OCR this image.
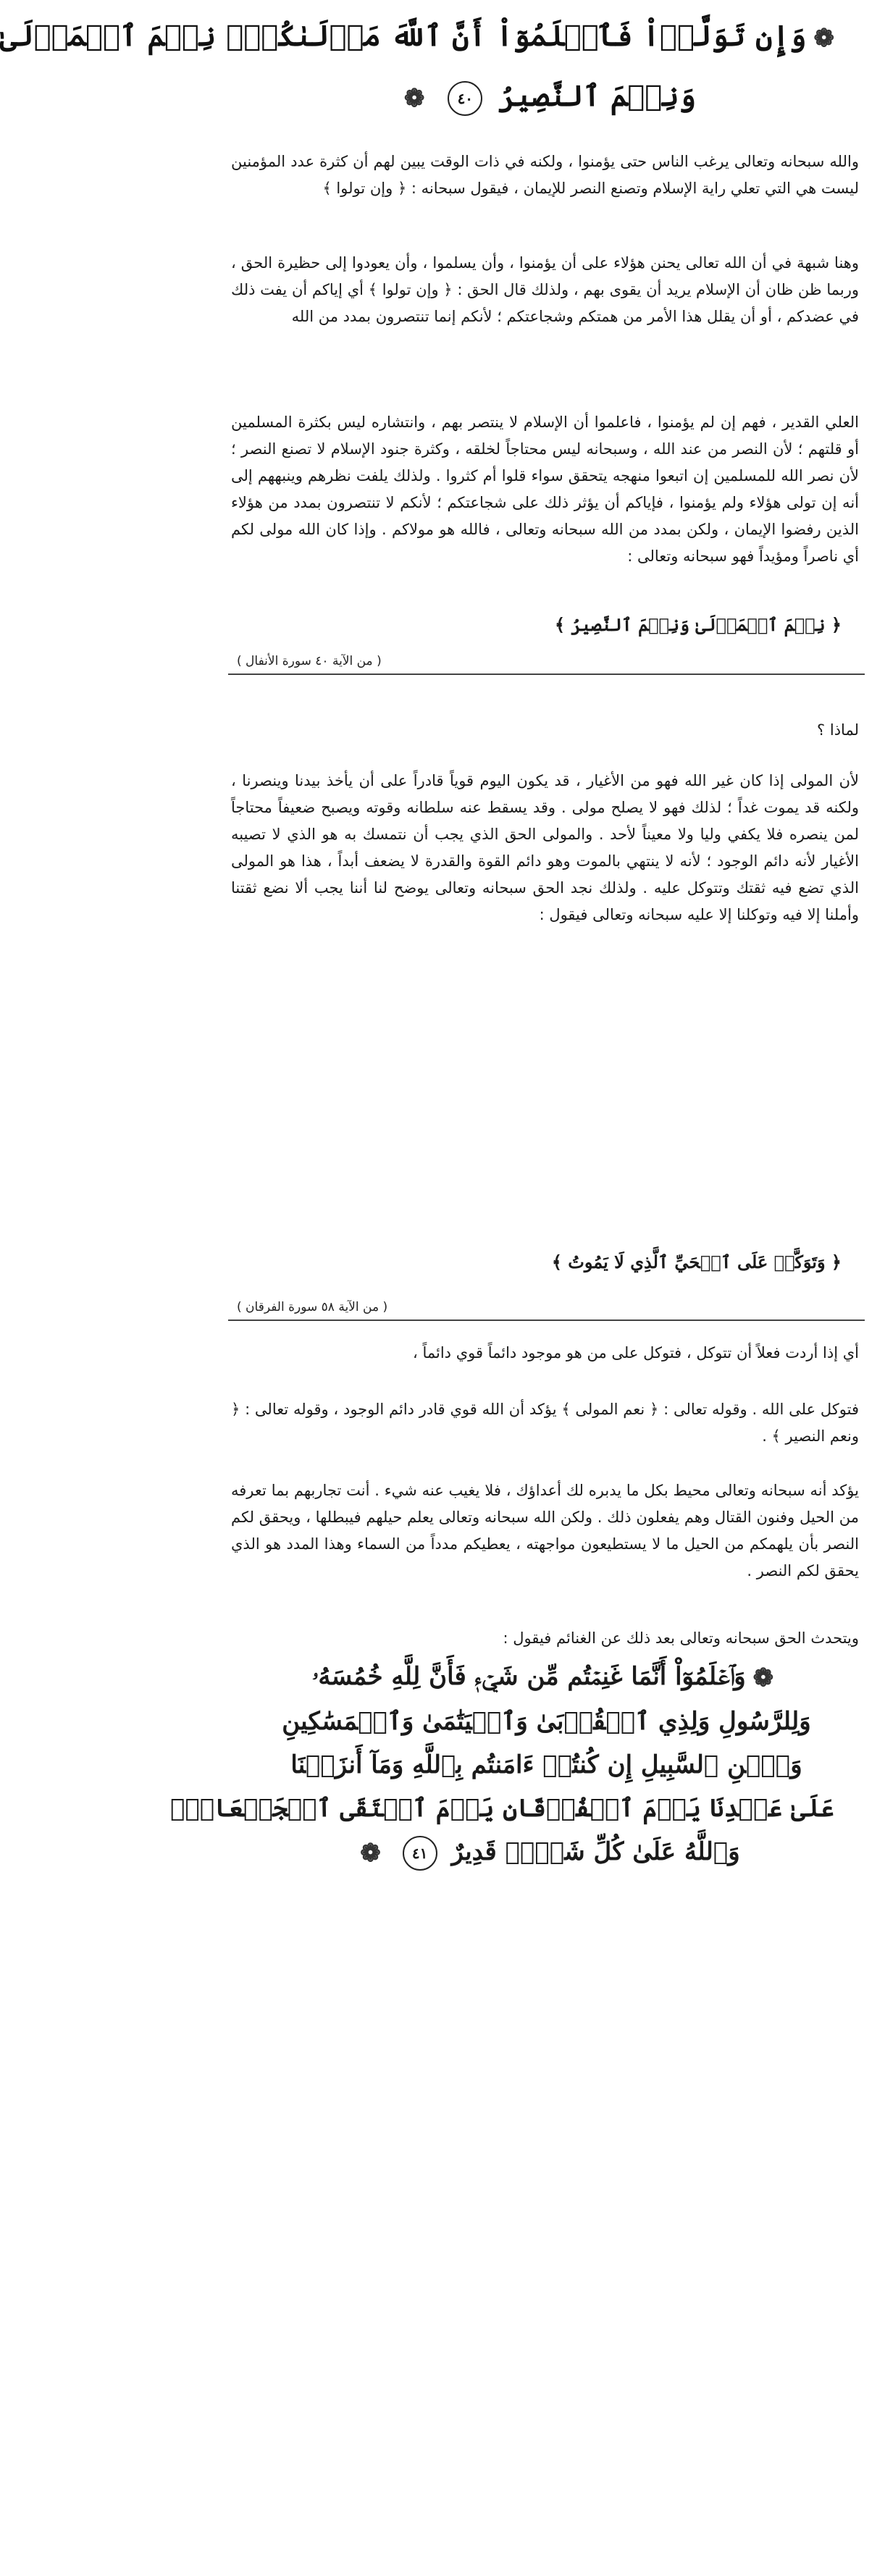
❁وَإِن تَوَلَّوۡاْ فَٱعۡلَمُوٓاْ أَنَّ ٱللَّهَ مَوۡلَىٰكُمۡۚ نِعۡمَ ٱلۡمَوۡلَىٰ
وَنِعۡمَ ٱلنَّصِيرُ ٤٠ ❁
والله سبحانه وتعالى يرغب الناس حتى يؤمنوا ، ولكنه في ذات الوقت يبين لهم أن كثرة عدد المؤمنين ليست هي التي تعلي راية الإسلام وتصنع النصر للإيمان ، فيقول سبحانه : ﴿ وإن تولوا ﴾
وهنا شبهة في أن الله تعالى يحنن هؤلاء على أن يؤمنوا ، وأن يسلموا ، وأن يعودوا إلى حظيرة الحق ، وربما ظن ظان أن الإسلام يريد أن يقوى بهم ، ولذلك قال الحق : ﴿ وإن تولوا ﴾ أي إياكم أن يفت ذلك في عضدكم ، أو أن يقلل هذا الأمر من همتكم وشجاعتكم ؛ لأنكم إنما تنتصرون بمدد من الله
العلي القدير ، فهم إن لم يؤمنوا ، فاعلموا أن الإسلام لا ينتصر بهم ، وانتشاره ليس بكثرة المسلمين أو قلتهم ؛ لأن النصر من عند الله ، وسبحانه ليس محتاجاً لخلقه ، وكثرة جنود الإسلام لا تصنع النصر ؛ لأن نصر الله للمسلمين إن اتبعوا منهجه يتحقق سواء قلوا أم كثروا . ولذلك يلفت نظرهم وينبههم إلى أنه إن تولى هؤلاء ولم يؤمنوا ، فإياكم أن يؤثر ذلك على شجاعتكم ؛ لأنكم لا تنتصرون بمدد من هؤلاء الذين رفضوا الإيمان ، ولكن بمدد من الله سبحانه وتعالى ، فالله هو مولاكم . وإذا كان الله مولى لكم أي ناصراً ومؤيداً فهو سبحانه وتعالى :
﴿ نِعۡمَ ٱلۡمَوۡلَىٰ وَنِعۡمَ ٱلنَّصِيرُ ﴾
( من الآية ٤٠ سورة الأنفال )
لماذا ؟
لأن المولى إذا كان غير الله فهو من الأغيار ، قد يكون اليوم قوياً قادراً على أن يأخذ بيدنا وينصرنا ، ولكنه قد يموت غداً ؛ لذلك فهو لا يصلح مولى . وقد يسقط عنه سلطانه وقوته ويصبح ضعيفاً محتاجاً لمن ينصره فلا يكفي وليا ولا معيناً لأحد . والمولى الحق الذي يجب أن نتمسك به هو الذي لا تصيبه الأغيار لأنه دائم الوجود ؛ لأنه لا ينتهي بالموت وهو دائم القوة والقدرة لا يضعف أبداً ، هذا هو المولى الذي تضع فيه ثقتك وتتوكل عليه . ولذلك نجد الحق سبحانه وتعالى يوضح لنا أننا يجب ألا نضع ثقتنا وأملنا إلا فيه وتوكلنا إلا عليه سبحانه وتعالى فيقول :
﴿ وَتَوَكَّلۡ عَلَى ٱلۡحَيِّ ٱلَّذِي لَا يَمُوتُ ﴾
( من الآية ٥٨ سورة الفرقان )
أي إذا أردت فعلاً أن تتوكل ، فتوكل على من هو موجود دائماً قوي دائماً ،
فتوكل على الله . وقوله تعالى : ﴿ نعم المولى ﴾ يؤكد أن الله قوي قادر دائم الوجود ، وقوله تعالى : ﴿ ونعم النصير ﴾ .
يؤكد أنه سبحانه وتعالى محيط بكل ما يدبره لك أعداؤك ، فلا يغيب عنه شيء . أنت تجاربهم بما تعرفه من الحيل وفنون القتال وهم يفعلون ذلك . ولكن الله سبحانه وتعالى يعلم حيلهم فيبطلها ، ويحقق لكم النصر بأن يلهمكم من الحيل ما لا يستطيعون مواجهته ، يعطيكم مدداً من السماء وهذا المدد هو الذي يحقق لكم النصر .
ويتحدث الحق سبحانه وتعالى بعد ذلك عن الغنائم فيقول :
❁وَٱعۡلَمُوٓاْ أَنَّمَا غَنِمۡتُم مِّن شَيۡءٖ فَأَنَّ لِلَّهِ خُمُسَهُۥ
وَلِلرَّسُولِ وَلِذِي ٱلۡقُرۡبَىٰ وَٱلۡيَتَٰمَىٰ وَٱلۡمَسَٰكِينِ
وَٱبۡنِ ٱلسَّبِيلِ إِن كُنتُمۡ ءَامَنتُم بِٱللَّهِ وَمَآ أَنزَلۡنَا
عَلَىٰ عَبۡدِنَا يَوۡمَ ٱلۡفُرۡقَانِ يَوۡمَ ٱلۡتَقَى ٱلۡجَمۡعَانِۗ
وَٱللَّهُ عَلَىٰ كُلِّ شَيۡءٖ قَدِيرٌ ٤١ ❁
